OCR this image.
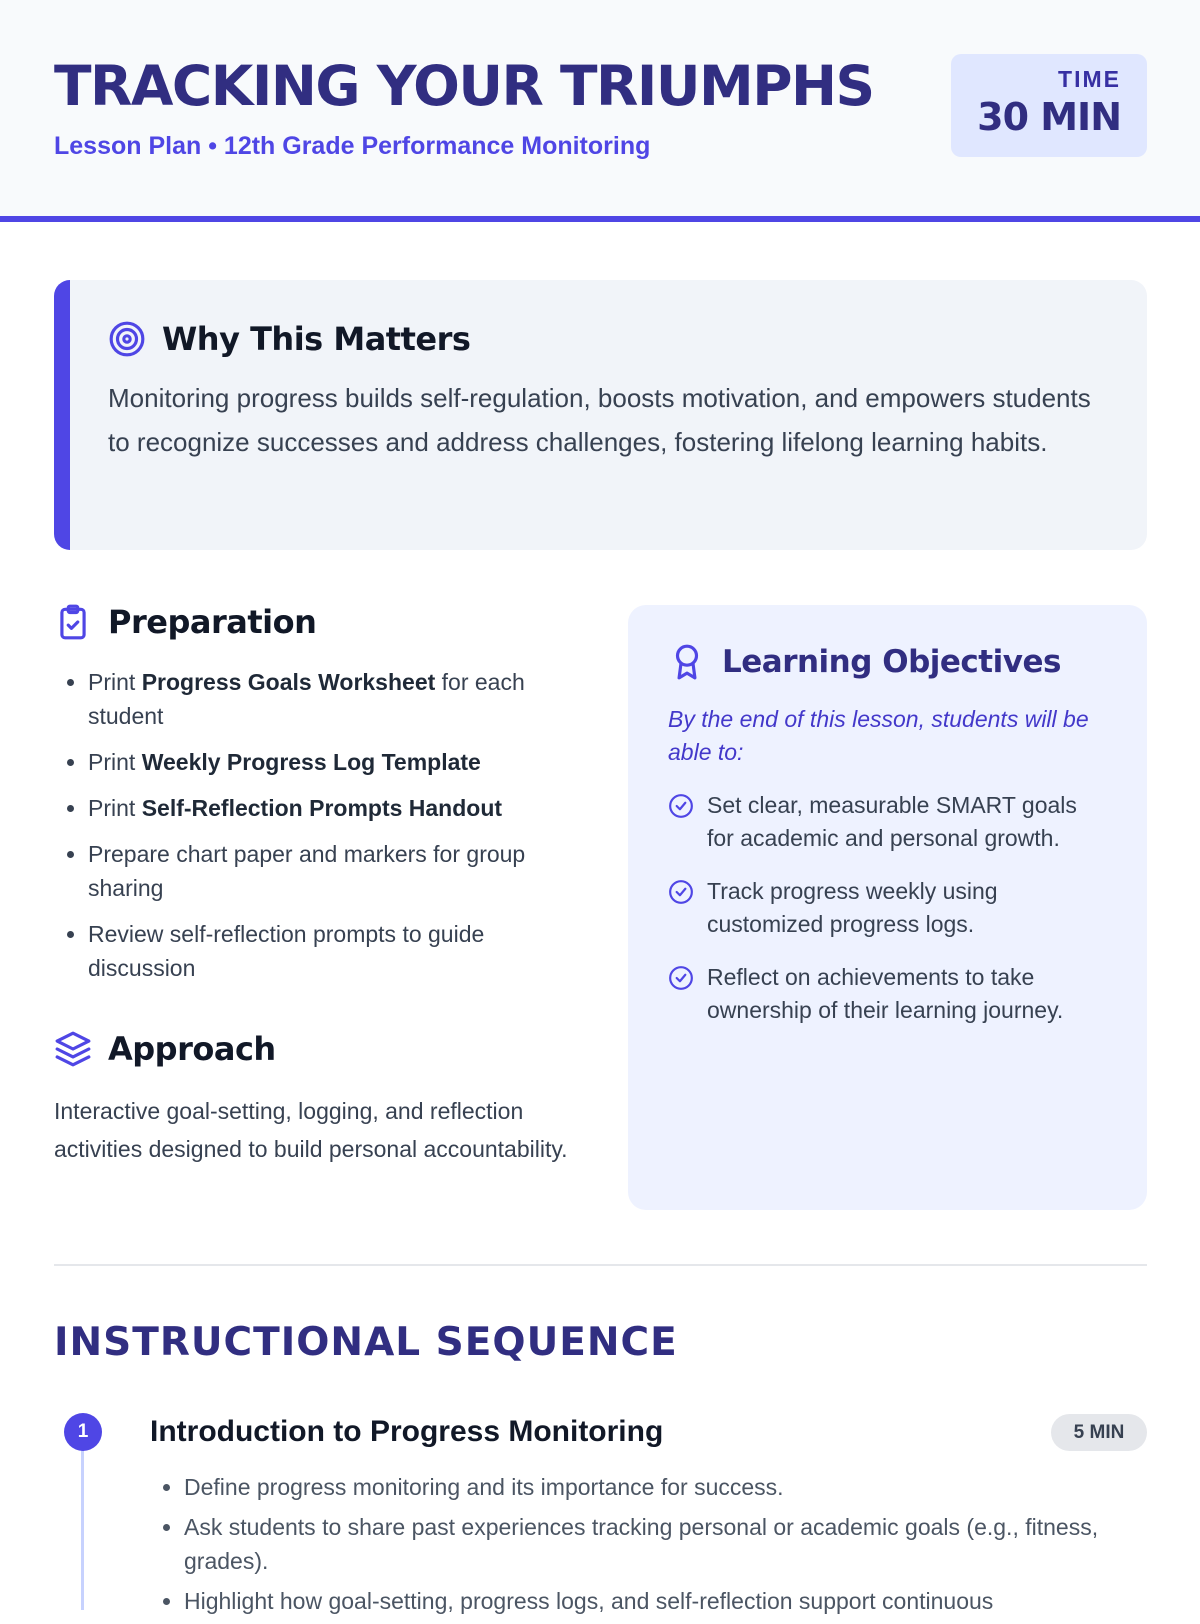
TRACKING YOUR TRIUMPHS
Lesson Plan • 12th Grade Performance Monitoring
TIME
30 MIN
Why This Matters

Monitoring progress builds self-regulation, boosts motivation, and empowers students to recognize successes and address challenges, fostering lifelong learning habits.

Preparation
• Print Progress Goals Worksheet for each student
• Print Weekly Progress Log Template
• Print Self-Reflection Prompts Handout
• Prepare chart paper and markers for group sharing
• Review self-reflection prompts to guide discussion
Approach

Interactive goal-setting, logging, and reflection activities designed to build personal accountability.

Learning Objectives

By the end of this lesson, students will be able to:

Set clear, measurable SMART goals for academic and personal growth.
Track progress weekly using customized progress logs.
Reflect on achievements to take ownership of their learning journey.
INSTRUCTIONAL SEQUENCE
1	Introduction to Progress Monitoring	5 MIN
• Define progress monitoring and its importance for success.
• Ask students to share past experiences tracking personal or academic goals (e.g., fitness, grades).
• Highlight how goal-setting, progress logs, and self-reflection support continuous
